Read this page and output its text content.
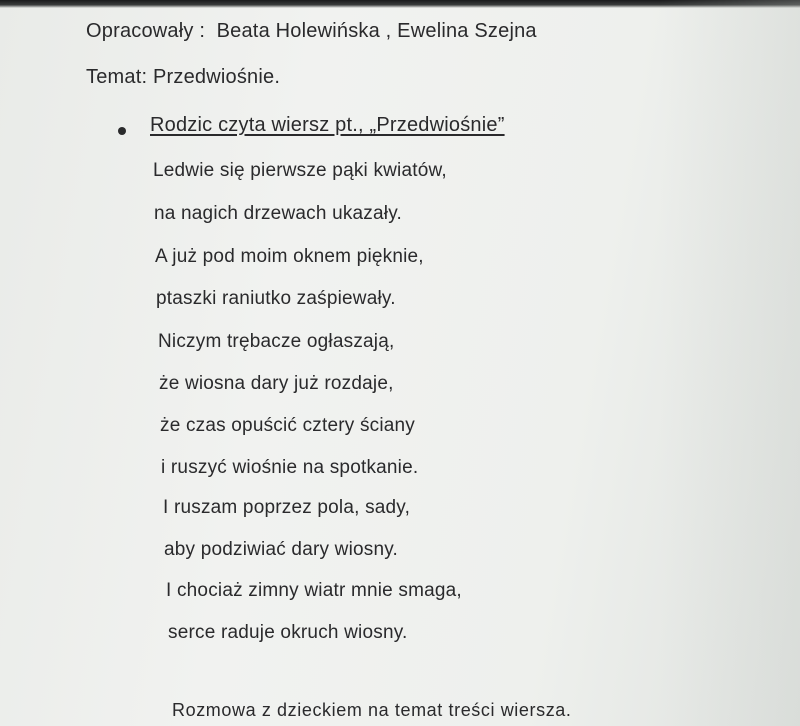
Opracowały : Beata Holewińska , Ewelina Szejna
Temat: Przedwiośnie.
Rodzic czyta wiersz pt., „Przedwiośnie”
Ledwie się pierwsze pąki kwiatów,
na nagich drzewach ukazały.
A już pod moim oknem pięknie,
ptaszki raniutko zaśpiewały.
Niczym trębacze ogłaszają,
że wiosna dary już rozdaje,
że czas opuścić cztery ściany
i ruszyć wiośnie na spotkanie.
I ruszam poprzez pola, sady,
aby podziwiać dary wiosny.
I chociaż zimny wiatr mnie smaga,
serce raduje okruch wiosny.
Rozmowa z dzieckiem na temat treści wiersza.
